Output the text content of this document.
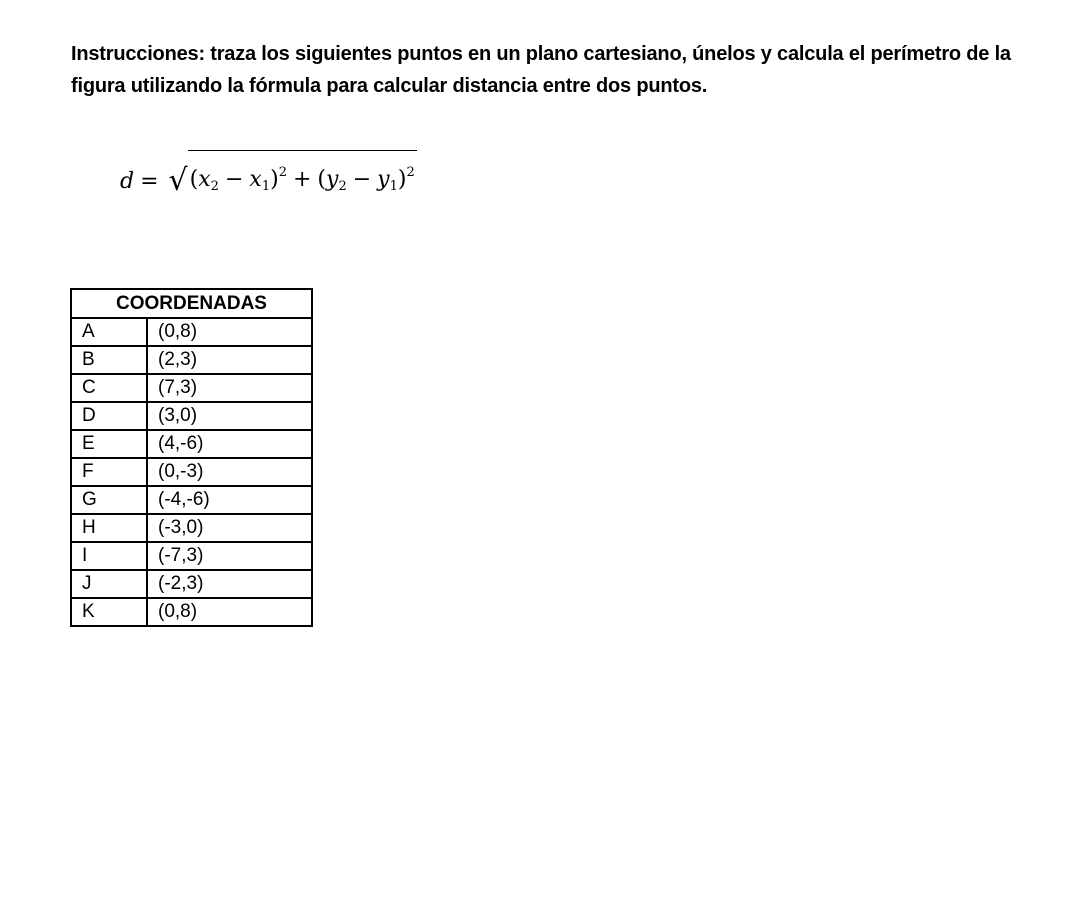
Instrucciones: traza los siguientes puntos en un plano cartesiano, únelos y calcula el perímetro de la figura utilizando la fórmula para calcular distancia entre dos puntos.
d = √ $(x_2 - x_1)^2 + (y_2 - y_1)^2$
COORDENADAS	
A	(0,8)
B	(2,3)
C	(7,3)
D	(3,0)
E	(4,-6)
F	(0,-3)
G	(-4,-6)
H	(-3,0)
I	(-7,3)
J	(-2,3)
K	(0,8)
